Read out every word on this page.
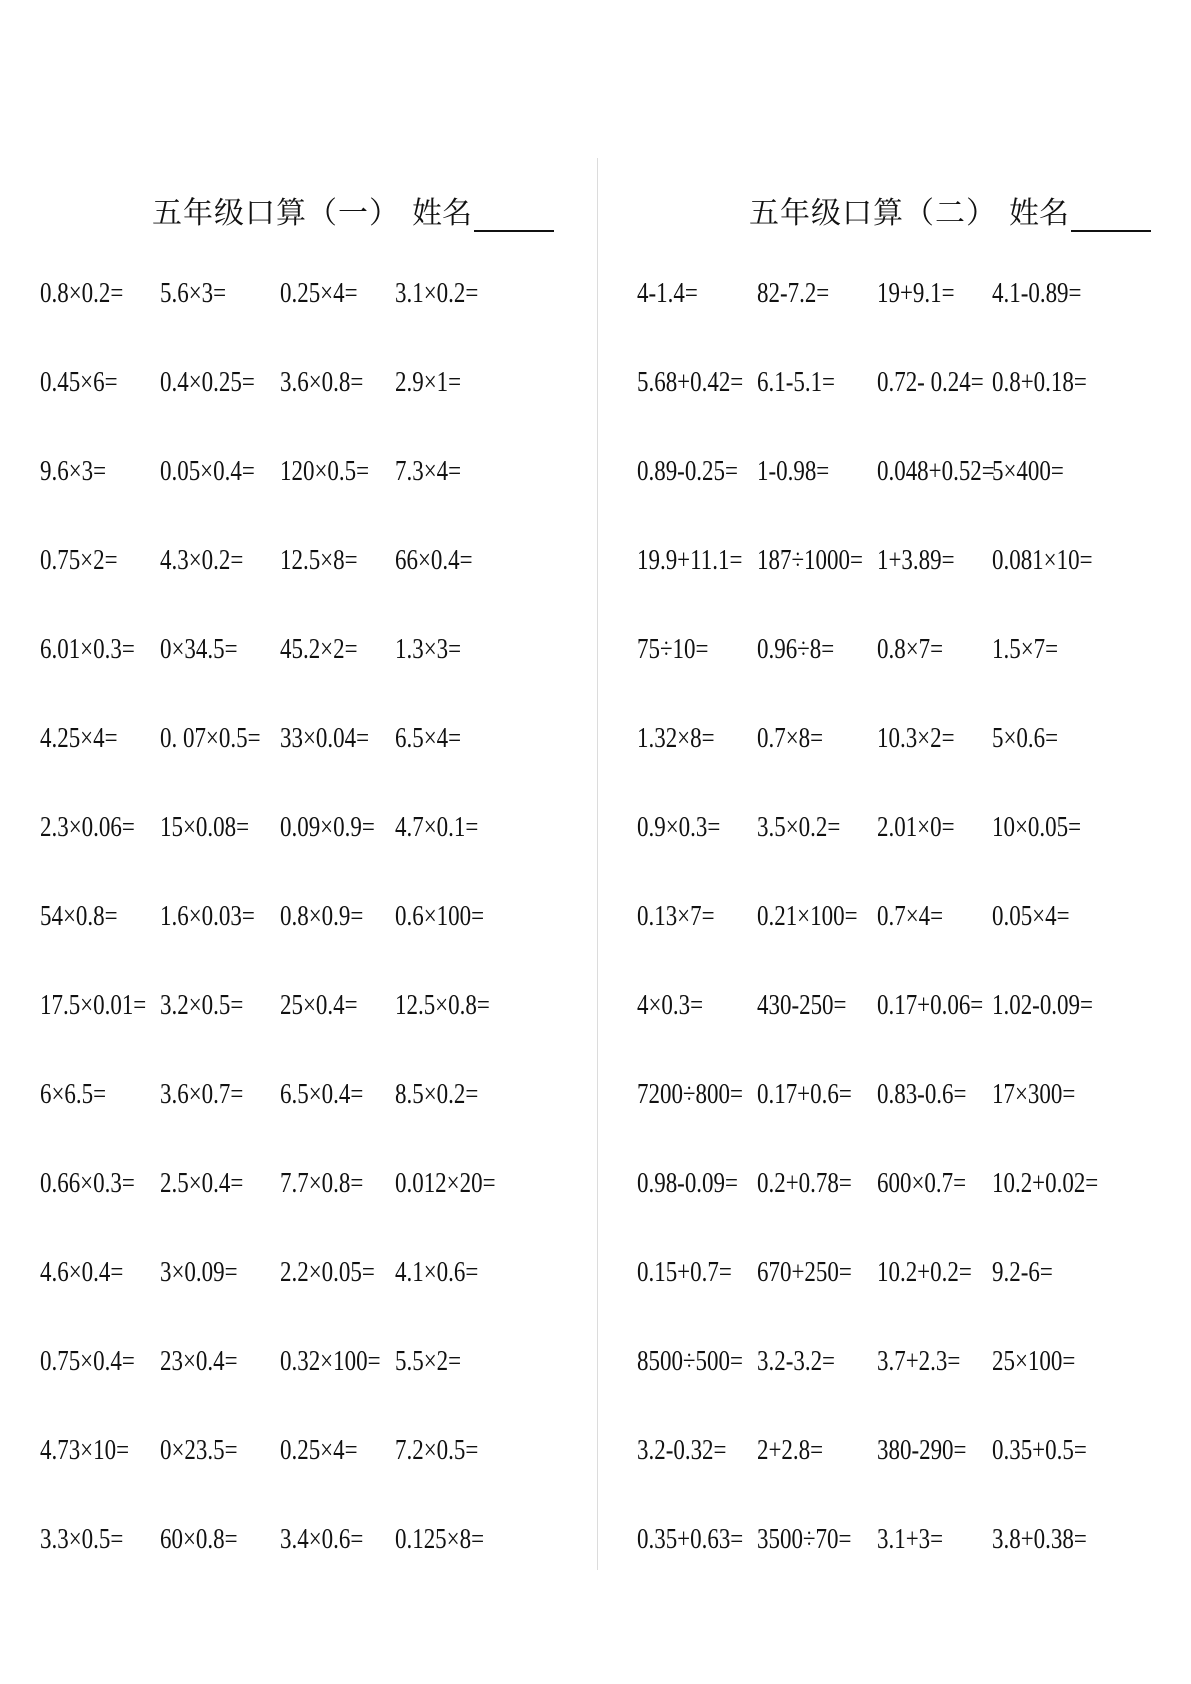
五年级口算（一） 姓名
0.8×0.2= 5.6×3= 0.25×4= 3.1×0.2=
0.45×6= 0.4×0.25= 3.6×0.8= 2.9×1=
9.6×3= 0.05×0.4= 120×0.5= 7.3×4=
0.75×2= 4.3×0.2= 12.5×8= 66×0.4=
6.01×0.3= 0×34.5= 45.2×2= 1.3×3=
4.25×4= 0. 07×0.5= 33×0.04= 6.5×4=
2.3×0.06= 15×0.08= 0.09×0.9= 4.7×0.1=
54×0.8= 1.6×0.03= 0.8×0.9= 0.6×100=
17.5×0.01= 3.2×0.5= 25×0.4= 12.5×0.8=
6×6.5= 3.6×0.7= 6.5×0.4= 8.5×0.2=
0.66×0.3= 2.5×0.4= 7.7×0.8= 0.012×20=
4.6×0.4= 3×0.09= 2.2×0.05= 4.1×0.6=
0.75×0.4= 23×0.4= 0.32×100= 5.5×2=
4.73×10= 0×23.5= 0.25×4= 7.2×0.5=
3.3×0.5= 60×0.8= 3.4×0.6= 0.125×8=
五年级口算（二） 姓名
4-1.4= 82-7.2= 19+9.1= 4.1-0.89=
5.68+0.42= 6.1-5.1= 0.72- 0.24= 0.8+0.18=
0.89-0.25= 1-0.98= 0.048+0.52=
5×400=
19.9+11.1= 187÷1000= 1+3.89= 0.081×10=
75÷10= 0.96÷8= 0.8×7= 1.5×7=
1.32×8= 0.7×8= 10.3×2= 5×0.6=
0.9×0.3= 3.5×0.2= 2.01×0= 10×0.05=
0.13×7= 0.21×100= 0.7×4= 0.05×4=
4×0.3= 430-250= 0.17+0.06= 1.02-0.09=
7200÷800= 0.17+0.6= 0.83-0.6= 17×300=
0.98-0.09= 0.2+0.78= 600×0.7= 10.2+0.02=
0.15+0.7= 670+250= 10.2+0.2= 9.2-6=
8500÷500= 3.2-3.2= 3.7+2.3= 25×100=
3.2-0.32= 2+2.8= 380-290= 0.35+0.5=
0.35+0.63= 3500÷70= 3.1+3= 3.8+0.38=
